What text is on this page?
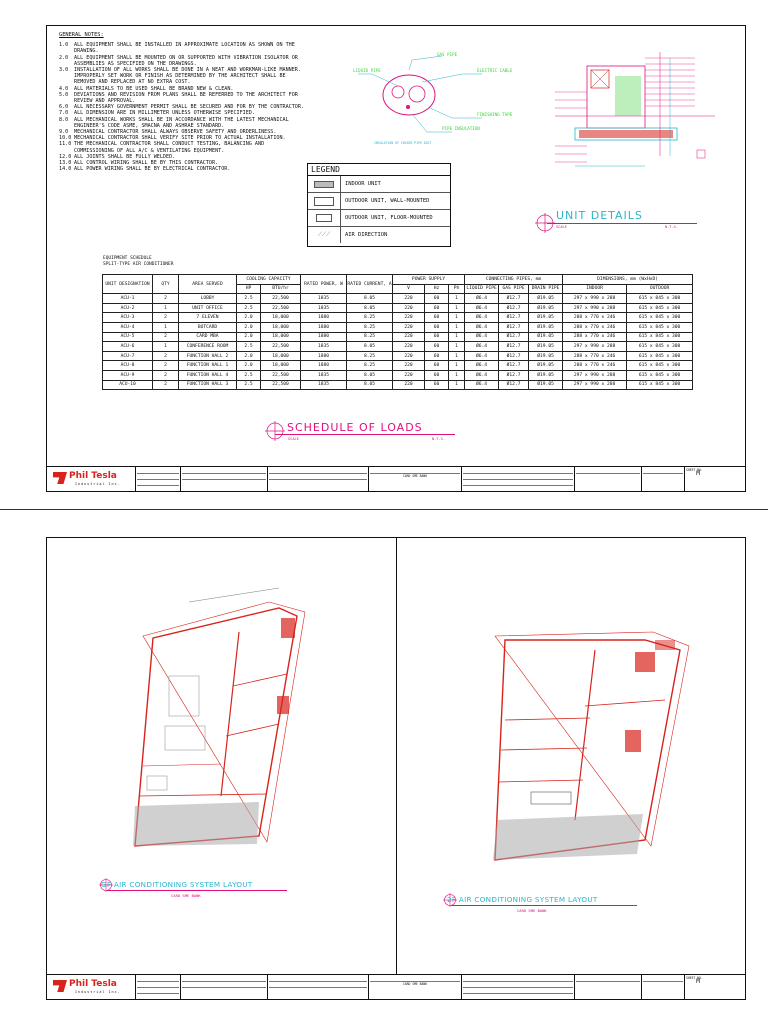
GENERAL NOTES:
1.0	ALL EQUIPMENT SHALL BE INSTALLED IN APPROXIMATE LOCATION AS SHOWN ON THE DRAWING.
2.0	ALL EQUIPMENT SHALL BE MOUNTED ON OR SUPPORTED WITH VIBRATION ISOLATOR OR ASSEMBLIES AS SPECIFIED ON THE DRAWINGS.
3.0	INSTALLATION OF ALL WORKS SHALL BE DONE IN A NEAT AND WORKMAN-LIKE MANNER. IMPROPERLY SET WORK OR FINISH AS DETERMINED BY THE ARCHITECT SHALL BE REMOVED AND REPLACED AT NO EXTRA COST.
4.0	ALL MATERIALS TO BE USED SHALL BE BRAND NEW & CLEAN.
5.0	DEVIATIONS AND REVISION FROM PLANS SHALL BE REFERRED TO THE ARCHITECT FOR REVIEW AND APPROVAL.
6.0	ALL NECESSARY GOVERNMENT PERMIT SHALL BE SECURED AND FOR BY THE CONTRACTOR.
7.0	ALL DIMENSION ARE IN MILLIMETER UNLESS OTHERWISE SPECIFIED.
8.0	ALL MECHANICAL WORKS SHALL BE IN ACCORDANCE WITH THE LATEST MECHANICAL ENGINEER'S CODE ASME, SMACNA AND ASHRAE STANDARD.
9.0	MECHANICAL CONTRACTOR SHALL ALWAYS OBSERVE SAFETY AND ORDERLINESS.
10.0 MECHANICAL CONTRACTOR SHALL VERIFY SITE PRIOR TO ACTUAL INSTALLATION.
11.0 THE MECHANICAL CONTRACTOR SHALL CONDUCT TESTING, BALANCING AND COMMISSIONING OF ALL A/C & VENTILATING EQUIPMENT.
12.0 ALL JOINTS SHALL BE FULLY WELDED.
13.0 ALL CONTROL WIRING SHALL BE BY THIS CONTRACTOR.
14.0 ALL POWER WIRING SHALL BE BY ELECTRICAL CONTRACTOR.
GAS PIPE
LIQUID PIPE	ELECTRIC CABLE
FINISHING TAPE
PIPE INSULATION
INSULATION OF INSIDE PIPE DUCT
LEGEND
INDOOR UNIT
OUTDOOR UNIT, WALL-MOUNTED
OUTDOOR UNIT, FLOOR-MOUNTED
⟋⟋⟋	AIR DIRECTION
UNIT DETAILS
SCALE	N.T.S.
EQUIPMENT SCHEDULE
SPLIT-TYPE AIR CONDITIONER
UNIT DESIGNATION	QTY	AREA SERVED	COOLING CAPACITY		RATED POWER, W	RATED CURRENT, A	POWER SUPPLY			CONNECTING PIPES, mm			DIMENSIONS, mm (WxHxD)	
			HP	BTU/hr			V	Hz	Ph	LIQUID PIPE	GAS PIPE	DRAIN PIPE	INDOOR	OUTDOOR
ACU-1	2	LOBBY	2.5	22,500	1835	8.05	220	60	1	Ø6.4	Ø12.7	Ø19.05	297 x 990 x 288	615 x 845 x 300
ACU-2	1	UNIT OFFICE	2.5	22,500	1835	8.05	220	60	1	Ø6.4	Ø12.7	Ø19.05	297 x 990 x 288	615 x 845 x 300
ACU-3	2	7 ELEVEN	2.0	18,000	1880	8.25	220	60	1	Ø6.4	Ø12.7	Ø19.05	288 x 770 x 246	615 x 845 x 300
ACU-4	1	BOTCARD	2.0	18,000	1880	8.25	220	60	1	Ø6.4	Ø12.7	Ø19.05	288 x 770 x 246	615 x 845 x 300
ACU-5	2	CARD MBA	2.0	18,000	1880	8.25	220	60	1	Ø6.4	Ø12.7	Ø19.05	288 x 770 x 246	615 x 845 x 300
ACU-6	1	CONFERENCE ROOM	2.5	22,500	1835	8.05	220	60	1	Ø6.4	Ø12.7	Ø19.05	297 x 990 x 288	615 x 845 x 300
ACU-7	2	FUNCTION HALL 2	2.0	18,000	1880	8.25	220	60	1	Ø6.4	Ø12.7	Ø19.05	288 x 770 x 246	615 x 845 x 300
ACU-8	2	FUNCTION HALL 1	2.0	18,000	1880	8.25	220	60	1	Ø6.4	Ø12.7	Ø19.05	288 x 770 x 246	615 x 845 x 300
ACU-9	2	FUNCTION HALL 4	2.5	22,500	1835	8.05	220	60	1	Ø6.4	Ø12.7	Ø19.05	297 x 990 x 288	615 x 845 x 300
ACU-10	2	FUNCTION HALL 3	2.5	22,500	1835	8.05	220	60	1	Ø6.4	Ø12.7	Ø19.05	297 x 990 x 288	615 x 845 x 300
SCHEDULE OF LOADS
SCALE	N.T.S.
Phil Tesla
Industrial Inc.
CARD SME BANK
SHEET NO.
M
GF AIR CONDITIONING SYSTEM LAYOUT
CARD SME BANK	2F AIR CONDITIONING SYSTEM LAYOUT
CARD SME BANK
Phil Tesla
Industrial Inc.
CARD SME BANK
SHEET NO.
M
